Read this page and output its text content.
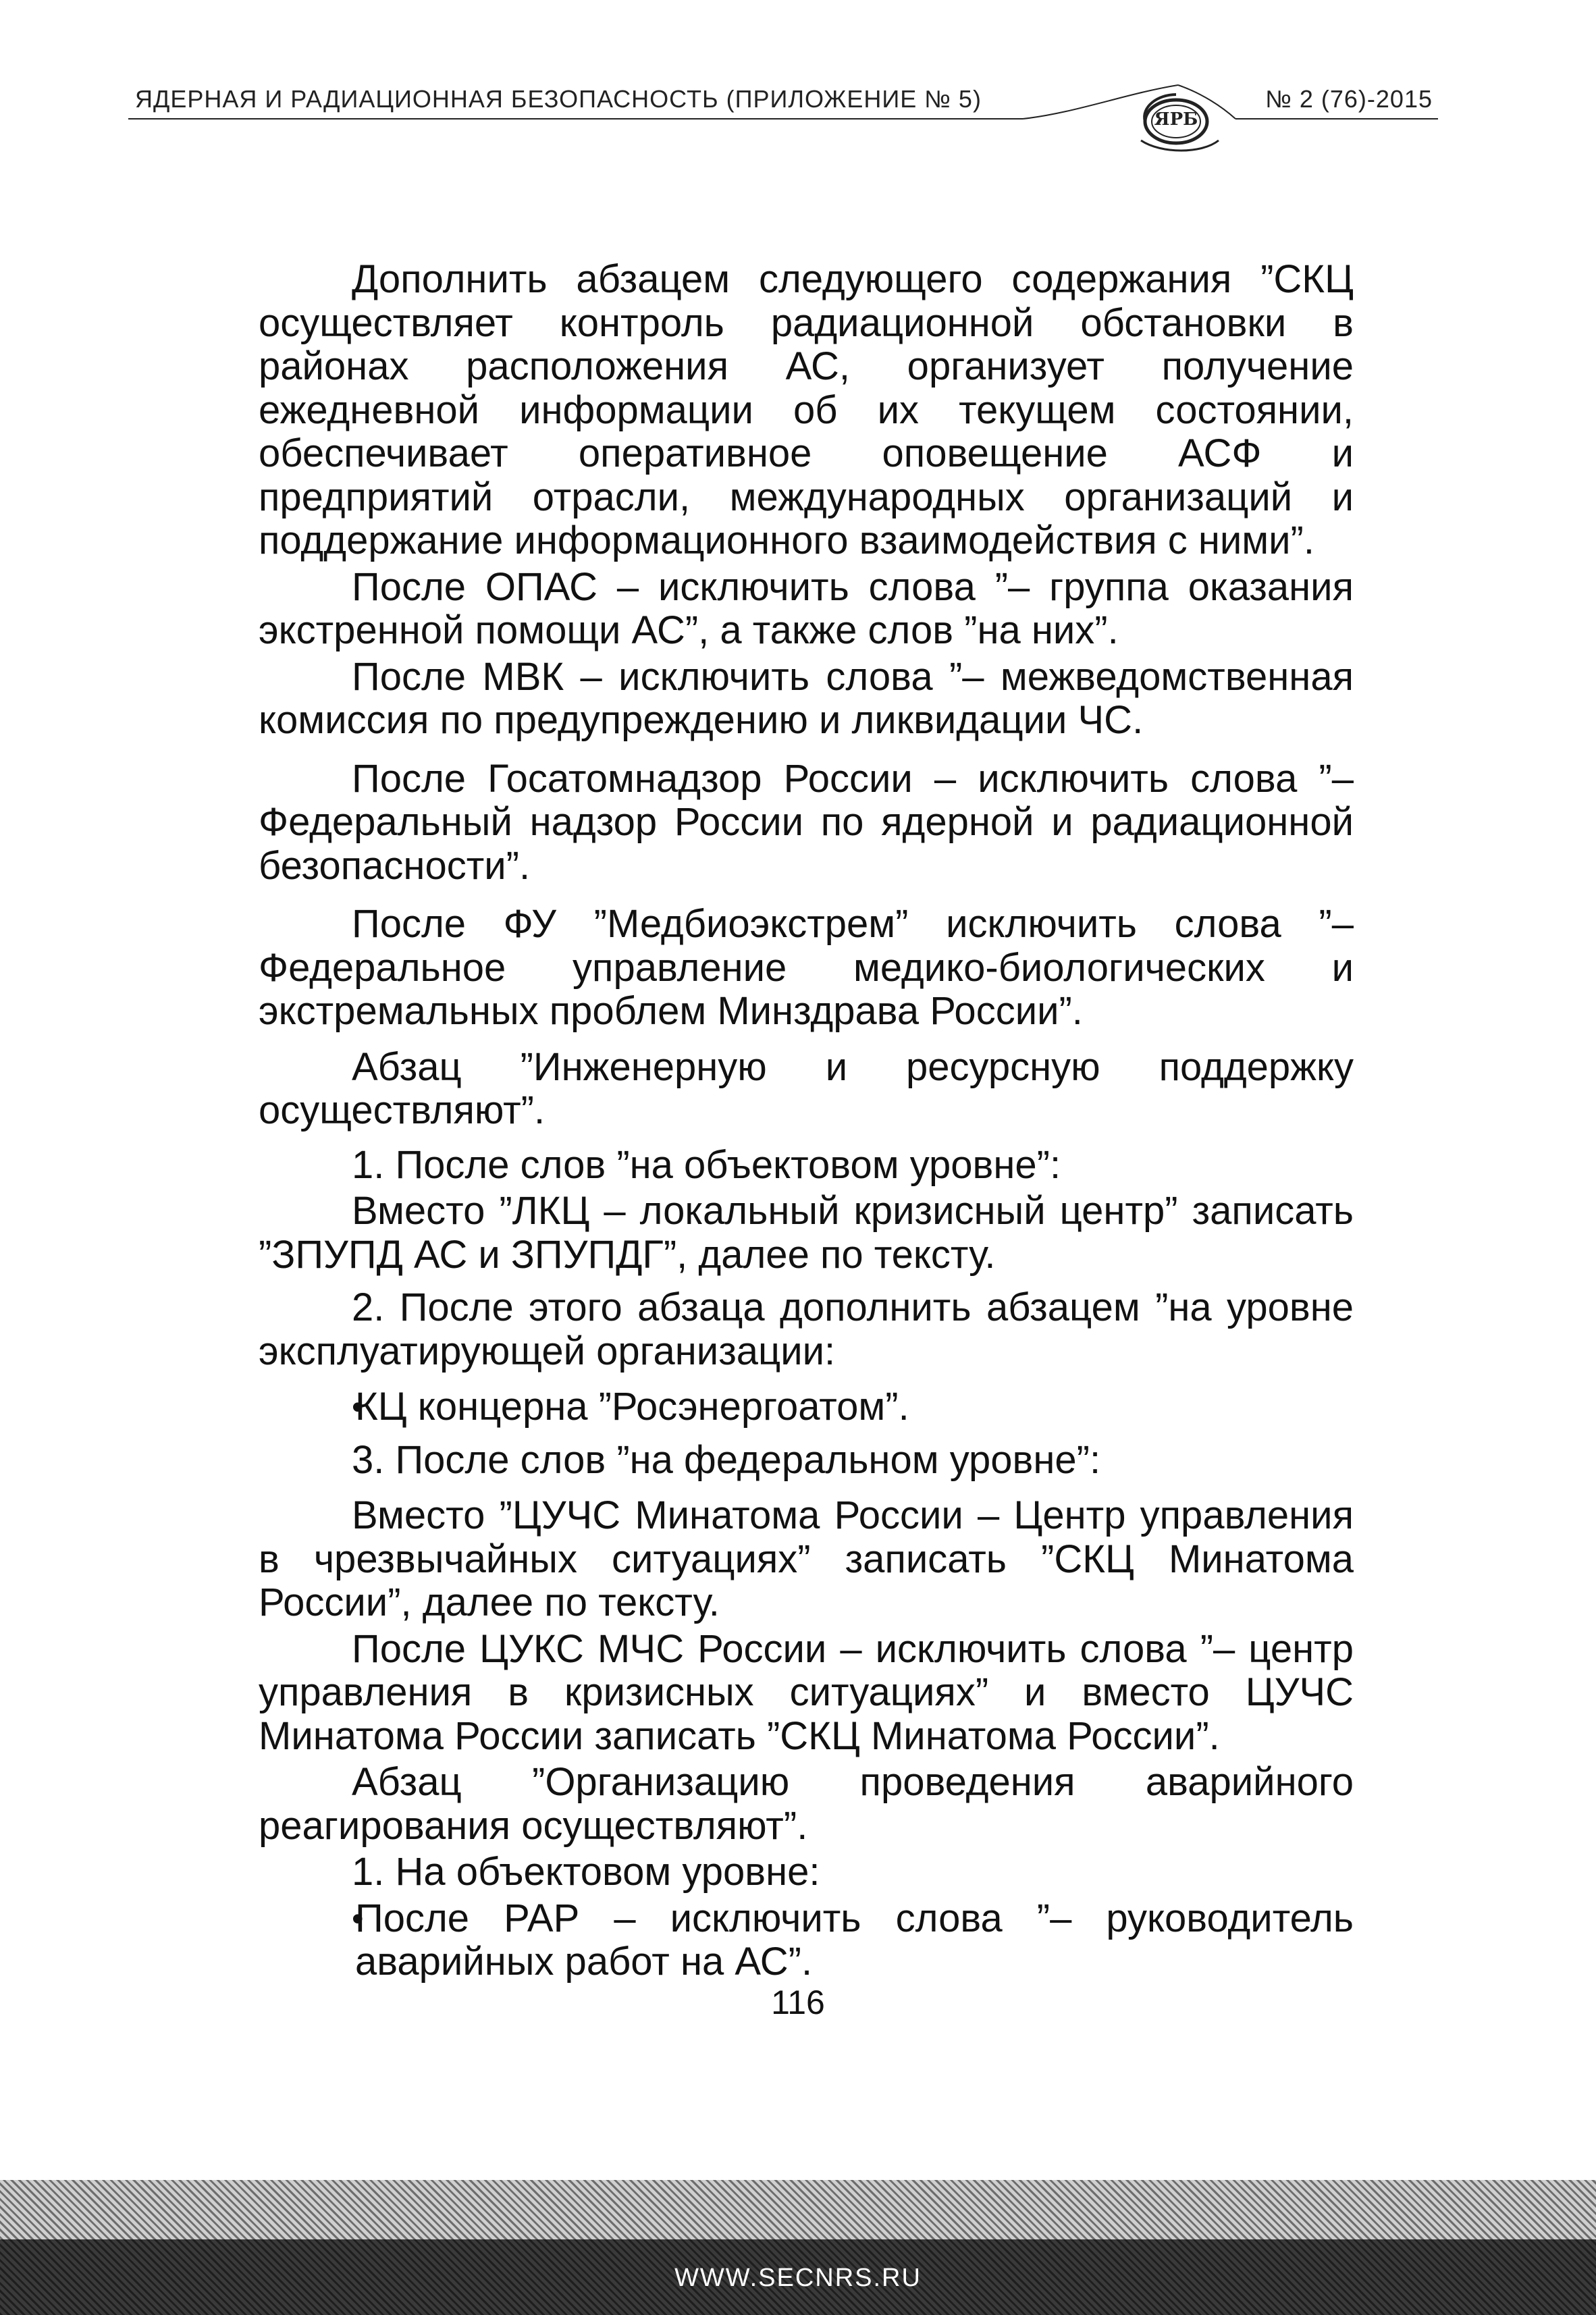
ЯРБ
ЯДЕРНАЯ И РАДИАЦИОННАЯ БЕЗОПАСНОСТЬ (ПРИЛОЖЕНИЕ № 5)	№ 2 (76)-2015

Дополнить абзацем следующего содержания ”СКЦ осуществляет контроль радиационной обстановки в районах расположения АС, организует получение ежедневной информации об их текущем состоянии, обеспечивает оперативное оповещение АСФ и предприятий отрасли, международных организаций и поддержание информационного взаимодействия с ними”.

После ОПАС – исключить слова ”– группа оказания экстренной помощи АС”, а также слов ”на них”.

После МВК – исключить слова ”– межведомственная комиссия по предупреждению и ликвидации ЧС.

После Госатомнадзор России – исключить слова ”– Федеральный надзор России по ядерной и радиационной безопасности”.

После ФУ ”Медбиоэкстрем” исключить слова ”– Федеральное управление медико-биологических и экстремальных проблем Минздрава России”.

Абзац ”Инженерную и ресурсную поддержку осуществляют”.

1. После слов ”на объектовом уровне”:

Вместо ”ЛКЦ – локальный кризисный центр” записать ”ЗПУПД АС и ЗПУПДГ”, далее по тексту.

2. После этого абзаца дополнить абзацем ”на уровне эксплуатирующей организации:

КЦ концерна ”Росэнергоатом”.

3. После слов ”на федеральном уровне”:

Вместо ”ЦУЧС Минатома России – Центр управления в чрезвычайных ситуациях” записать ”СКЦ Минатома России”, далее по тексту.

После ЦУКС МЧС России – исключить слова ”– центр управления в кризисных ситуациях” и вместо ЦУЧС Минатома России записать ”СКЦ Минатома России”.

Абзац ”Организацию проведения аварийного реагирования осуществляют”.

1. На объектовом уровне:

После РАР – исключить слова ”– руководитель аварийных работ на АС”.

116
WWW.SECNRS.RU
